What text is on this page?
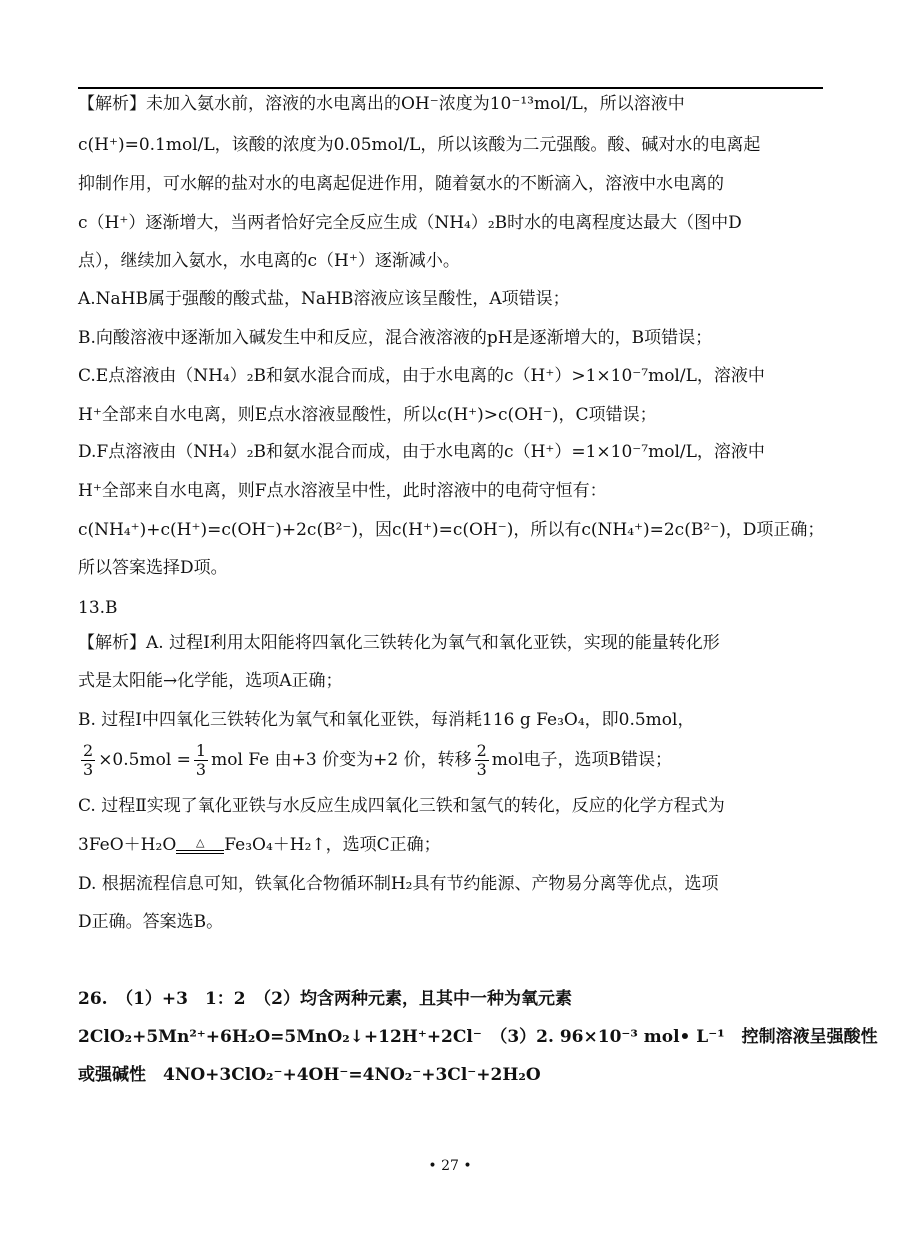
【解析】未加入氨水前，溶液的水电离出的OH⁻浓度为10⁻¹³mol/L，所以溶液中
c(H⁺)=0.1mol/L，该酸的浓度为0.05mol/L，所以该酸为二元强酸。酸、碱对水的电离起
抑制作用，可水解的盐对水的电离起促进作用，随着氨水的不断滴入，溶液中水电离的
c（H⁺）逐渐增大，当两者恰好完全反应生成（NH₄）₂B时水的电离程度达最大（图中D
点），继续加入氨水，水电离的c（H⁺）逐渐减小。
A.NaHB属于强酸的酸式盐，NaHB溶液应该呈酸性，A项错误；
B.向酸溶液中逐渐加入碱发生中和反应，混合液溶液的pH是逐渐增大的，B项错误；
C.E点溶液由（NH₄）₂B和氨水混合而成，由于水电离的c（H⁺）>1×10⁻⁷mol/L，溶液中
H⁺全部来自水电离，则E点水溶液显酸性，所以c(H⁺)>c(OH⁻)，C项错误；
D.F点溶液由（NH₄）₂B和氨水混合而成，由于水电离的c（H⁺）=1×10⁻⁷mol/L，溶液中
H⁺全部来自水电离，则F点水溶液呈中性，此时溶液中的电荷守恒有：
c(NH₄⁺)+c(H⁺)=c(OH⁻)+2c(B²⁻)，因c(H⁺)=c(OH⁻)，所以有c(NH₄⁺)=2c(B²⁻)，D项正确；
所以答案选择D项。
13.B
【解析】A. 过程Ⅰ利用太阳能将四氧化三铁转化为氧气和氧化亚铁，实现的能量转化形
式是太阳能→化学能，选项A正确；
B. 过程Ⅰ中四氧化三铁转化为氧气和氧化亚铁，每消耗116 g Fe₃O₄，即0.5mol，
$\frac{2}{3} \times 0.5mol = \frac{1}{3}$ mol Fe 由+3 价变为+2 价，转移 $\frac{2}{3}$ mol电子，选项B错误；
C. 过程Ⅱ实现了氧化亚铁与水反应生成四氧化三铁和氢气的转化，反应的化学方程式为
3FeO＋H₂O	△	Fe₃O₄＋H₂↑，选项C正确；
D. 根据流程信息可知，铁氧化合物循环制H₂具有节约能源、产物易分离等优点，选项
D正确。答案选B。
26.　（1）+3　1：2　（2）均含两种元素，且其中一种为氧元素
2ClO₂+5Mn²⁺+6H₂O=5MnO₂↓+12H⁺+2Cl⁻　（3）2. 96×10⁻³ mol• L⁻¹　控制溶液呈强酸性
或强碱性　4NO+3ClO₂⁻+4OH⁻=4NO₂⁻+3Cl⁻+2H₂O
• 27 •
